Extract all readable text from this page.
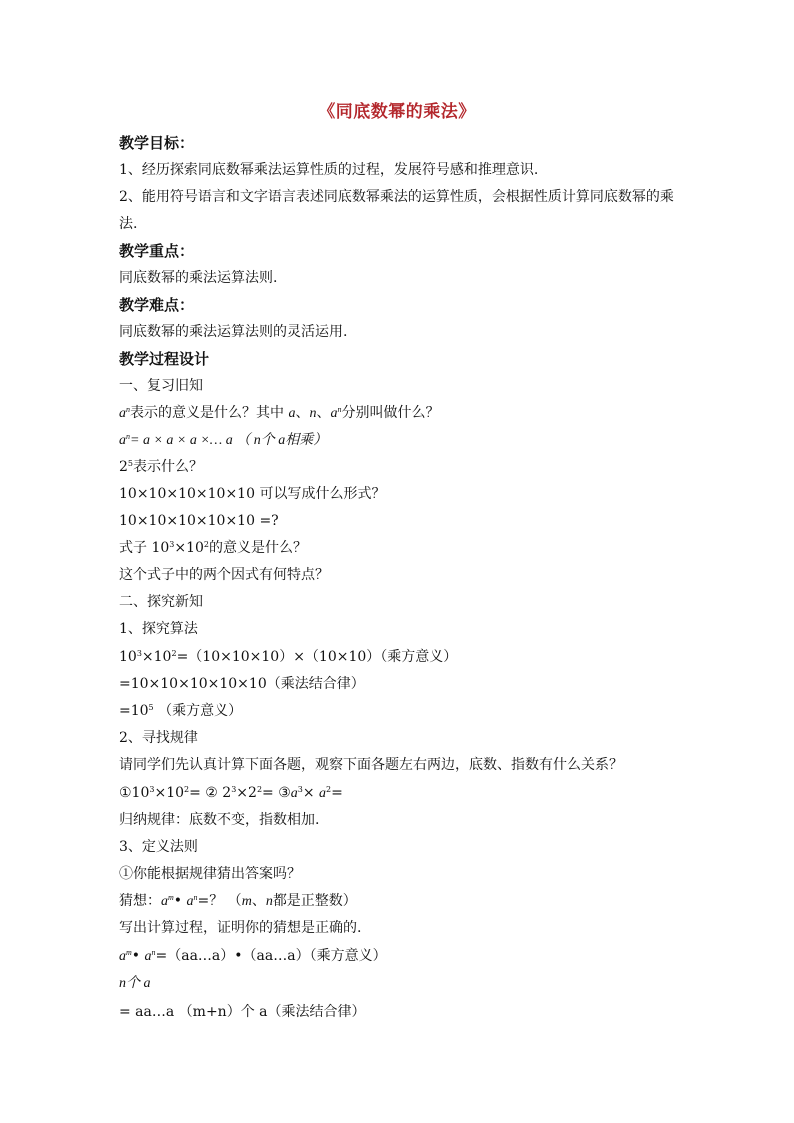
《同底数幂的乘法》
教学目标：
1、经历探索同底数幂乘法运算性质的过程，发展符号感和推理意识.
2、能用符号语言和文字语言表述同底数幂乘法的运算性质，会根据性质计算同底数幂的乘
法.
教学重点：
同底数幂的乘法运算法则.
教学难点：
同底数幂的乘法运算法则的灵活运用.
教学过程设计
一、复习旧知
$a^n$表示的意义是什么？其中 a、n、$a^n$分别叫做什么？
$a^n= a \times a \times a$ ×… a （ n个 a相乘）
$2^5$表示什么？
10×10×10×10×10 可以写成什么形式？
10×10×10×10×10 =?
式子 $10^3\times 10^2$的意义是什么？
这个式子中的两个因式有何特点？
二、探究新知
1、探究算法
$10^3\times 10^2=(10\times 10\times 10)\times(10\times 10)$（乘方意义）
=10×10×10×10×10（乘法结合律）
$=10^5$ （乘方意义）
2、寻找规律
请同学们先认真计算下面各题，观察下面各题左右两边，底数、指数有什么关系？
$①10^3\times 10^2=$ ② $2^3\times 2^2=$ $③a^3\times a^2=$
归纳规律：底数不变，指数相加.
3、定义法则
①你能根据规律猜出答案吗？
猜想：$a^m•$ $a^n=$？ （m、n都是正整数）
写出计算过程，证明你的猜想是正确的.
$a^m•$ $a^n=(aa\dots a)•(aa\dots a)$（乘方意义）
n个 a
= aa…a （m+n）个 a（乘法结合律）
